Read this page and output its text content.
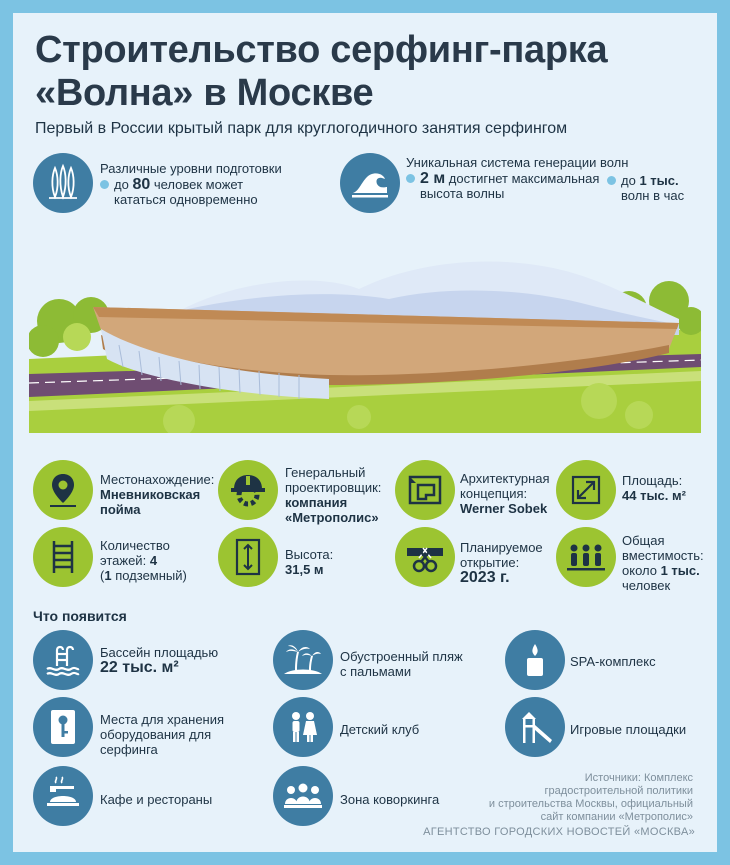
Строительство серфинг-парка «Волна» в Москве
Первый в России крытый парк для круглогодичного занятия серфингом
Различные уровни подготовки
до 80 человек может
кататься одновременно
Уникальная система генерации волн
2 м достигнет максимальная
высота волны
до 1 тыс.
волн в час
Местонахождение:
Мневниковская
пойма
Генеральный
проектировщик:
компания
«Метрополис»
Архитектурная
концепция:
Werner Sobek
Площадь:
44 тыс. м²
Количество
этажей: 4
(1 подземный)
Высота:
31,5 м
Планируемое
открытие:
2023 г.
Общая
вместимость:
около 1 тыс.
человек
Что появится
Бассейн площадью
22 тыс. м²
Обустроенный пляж
с пальмами
SPA-комплекс
Места для хранения
оборудования для
серфинга
Детский клуб	Игровые площадки
Кафе и рестораны	Зона коворкинга
Источники: Комплекс
градостроительной политики
и строительства Москвы, официальный
сайт компании «Метрополис»
АГЕНТСТВО ГОРОДСКИХ НОВОСТЕЙ «МОСКВА»
